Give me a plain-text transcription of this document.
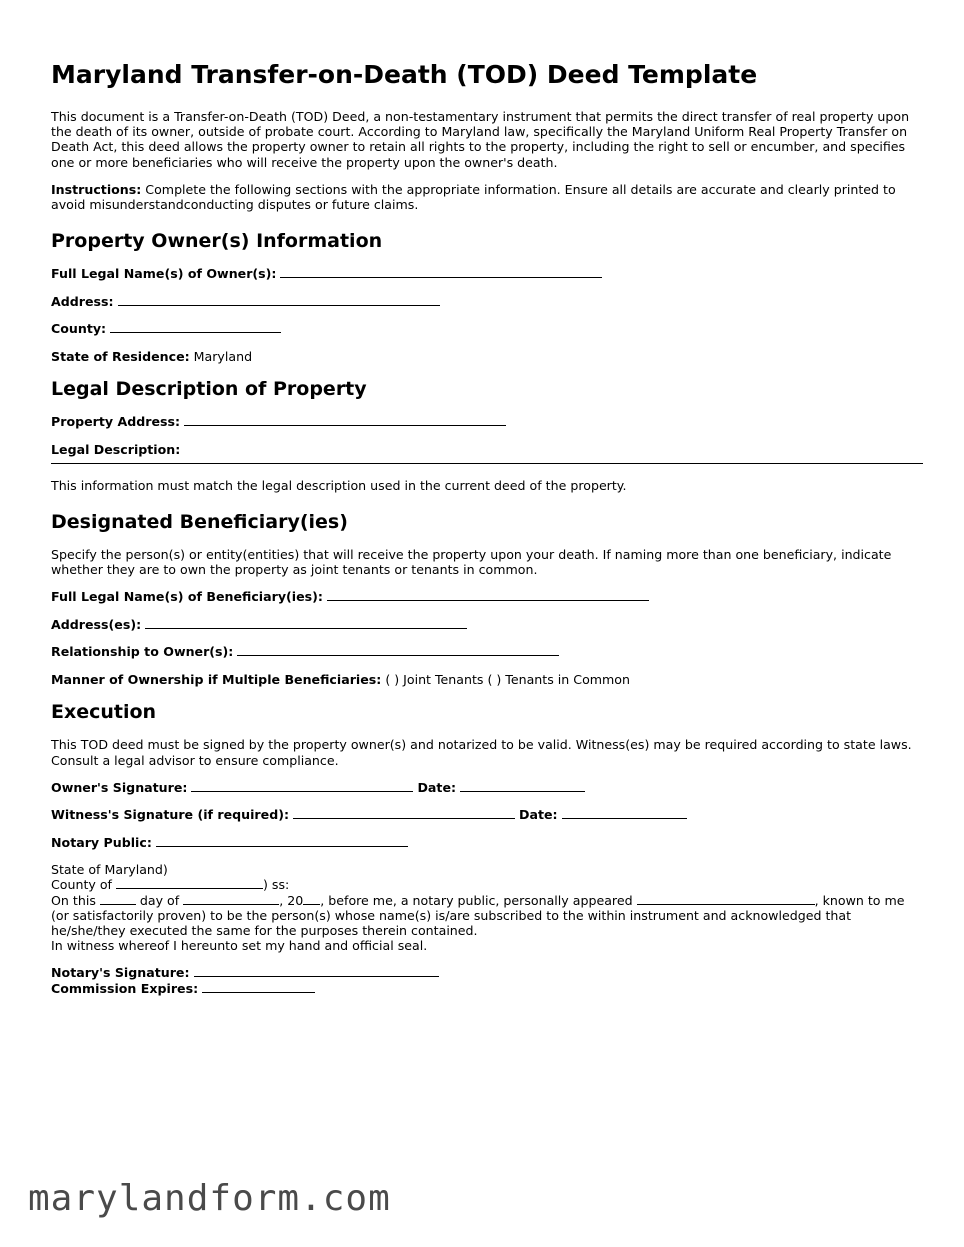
Maryland Transfer-on-Death (TOD) Deed Template

This document is a Transfer-on-Death (TOD) Deed, a non-testamentary instrument that permits the direct transfer of real property upon the death of its owner, outside of probate court. According to Maryland law, specifically the Maryland Uniform Real Property Transfer on Death Act, this deed allows the property owner to retain all rights to the property, including the right to sell or encumber, and specifies one or more beneficiaries who will receive the property upon the owner's death.

Instructions: Complete the following sections with the appropriate information. Ensure all details are accurate and clearly printed to avoid misunderstandconducting disputes or future claims.

Property Owner(s) Information
Full Legal Name(s) of Owner(s):
Address:
County:
State of Residence: Maryland
Legal Description of Property
Property Address:
Legal Description:

This information must match the legal description used in the current deed of the property.

Designated Beneficiary(ies)

Specify the person(s) or entity(entities) that will receive the property upon your death. If naming more than one beneficiary, indicate whether they are to own the property as joint tenants or tenants in common.

Full Legal Name(s) of Beneficiary(ies):
Address(es):
Relationship to Owner(s):
Manner of Ownership if Multiple Beneficiaries: ( ) Joint Tenants ( ) Tenants in Common
Execution

This TOD deed must be signed by the property owner(s) and notarized to be valid. Witness(es) may be required according to state laws. Consult a legal advisor to ensure compliance.

Owner's Signature:	Date:
Witness's Signature (if required):	Date:
Notary Public:
State of Maryland)
County of	) ss:
On this	day of	, 20 , before me, a notary public, personally appeared	, known to me
(or satisfactorily proven) to be the person(s) whose name(s) is/are subscribed to the within instrument and acknowledged that
he/she/they executed the same for the purposes therein contained.
In witness whereof I hereunto set my hand and official seal.
Notary's Signature:
Commission Expires:
marylandform.com
